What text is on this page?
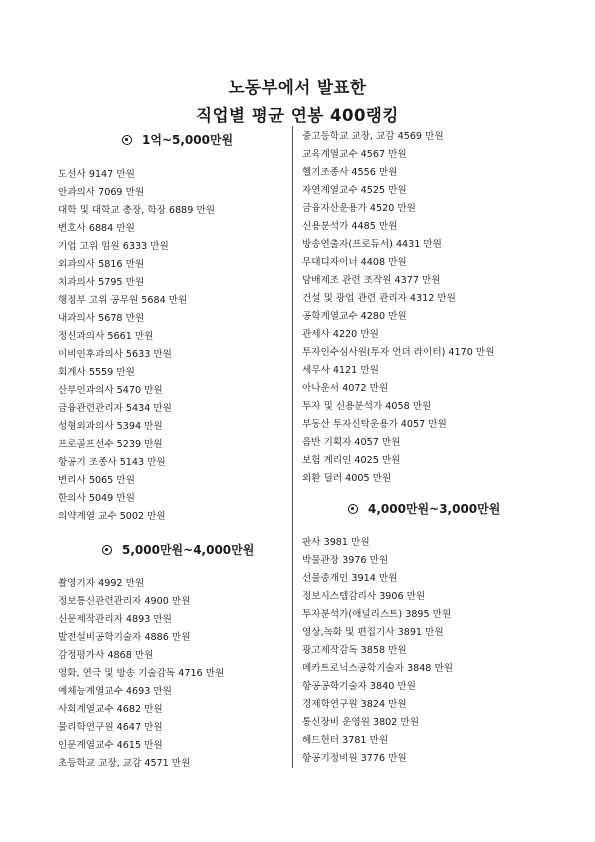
노동부에서 발표한
직업별 평균 연봉 400랭킹
1억~5,000만원
도선사 9147 만원
안과의사 7069 만원
대학 및 대학교 총장, 학장 6889 만원
변호사 6884 만원
기업 고위 임원 6333 만원
외과의사 5816 만원
치과의사 5795 만원
행정부 고위 공무원 5684 만원
내과의사 5678 만원
정신과의사 5661 만원
이비인후과의사 5633 만원
회계사 5559 만원
산부인과의사 5470 만원
금융관련관리자 5434 만원
성형외과의사 5394 만원
프로골프선수 5239 만원
항공기 조종사 5143 만원
변리사 5065 만원
한의사 5049 만원
의약계열 교수 5002 만원
5,000만원~4,000만원
촬영기자 4992 만원
정보통신관련관리자 4900 만원
신문제작관리자 4893 만원
발전설비공학기술자 4886 만원
감정평가사 4868 만원
영화, 연극 및 방송 기술감독 4716 만원
예체능계열교수 4693 만원
사회계열교수 4682 만원
물리학연구원 4647 만원
인문계열교수 4615 만원
초등학교 교장, 교감 4571 만원
중고등학교 교장, 교감 4569 만원
교육계열교수 4567 만원
헬기조종사 4556 만원
자연계열교수 4525 만원
금융자산운용가 4520 만원
신용분석가 4485 만원
방송연출자(프로듀서) 4431 만원
무대디자이너 4408 만원
담배제조 관련 조작원 4377 만원
건설 및 광업 관련 관리자 4312 만원
공학계열교수 4280 만원
관세사 4220 만원
투자인수심사원(투자 언더 라이터) 4170 만원
세무사 4121 만원
아나운서 4072 만원
투자 및 신용분석가 4058 만원
부동산 투자신탁운용가 4057 만원
음반 기획자 4057 만원
보험 계리인 4025 만원
외환 딜러 4005 만원
4,000만원~3,000만원
판사 3981 만원
박물관장 3976 만원
선물중개인 3914 만원
정보시스템감리사 3906 만원
투자분석가(애널리스트) 3895 만원
영상,녹화 및 편집기사 3891 만원
광고제작감독 3858 만원
메카트로닉스공학기술자 3848 만원
항공공학기술자 3840 만원
경제학연구원 3824 만원
통신장비 운영원 3802 만원
헤드헌터 3781 만원
항공기정비원 3776 만원
